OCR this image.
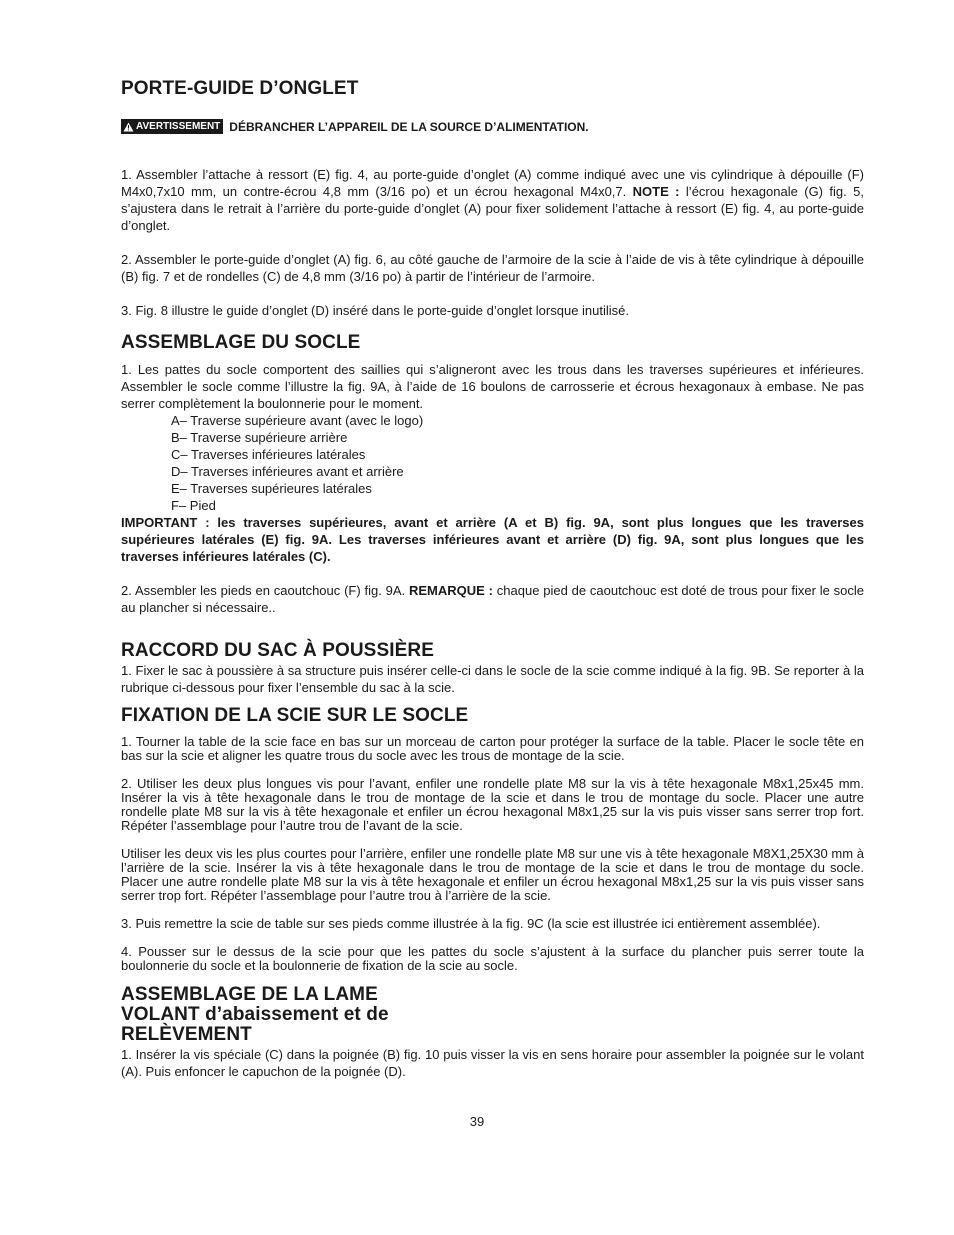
PORTE-GUIDE D’ONGLET
AVERTISSEMENT DÉBRANCHER L’APPAREIL DE LA SOURCE D’ALIMENTATION.

1. Assembler l’attache à ressort (E) fig. 4, au porte-guide d’onglet (A) comme indiqué avec une vis cylindrique à dépouille (F) M4x0,7x10 mm, un contre-écrou 4,8 mm (3/16 po) et un écrou hexagonal M4x0,7. NOTE : l’écrou hexagonale (G) fig. 5, s’ajustera dans le retrait à l’arrière du porte-guide d’onglet (A) pour fixer solidement l’attache à ressort (E) fig. 4, au porte-guide d’onglet.

2. Assembler le porte-guide d’onglet (A) fig. 6, au côté gauche de l’armoire de la scie à l’aide de vis à tête cylindrique à dépouille (B) fig. 7 et de rondelles (C) de 4,8 mm (3/16 po) à partir de l’intérieur de l’armoire.

3. Fig. 8 illustre le guide d’onglet (D) inséré dans le porte-guide d’onglet lorsque inutilisé.

ASSEMBLAGE DU SOCLE

1. Les pattes du socle comportent des saillies qui s’aligneront avec les trous dans les traverses supérieures et inférieures. Assembler le socle comme l’illustre la fig. 9A, à l’aide de 16 boulons de carrosserie et écrous hexagonaux à embase. Ne pas serrer complètement la boulonnerie pour le moment.

A– Traverse supérieure avant (avec le logo)
B– Traverse supérieure arrière
C– Traverses inférieures latérales
D– Traverses inférieures avant et arrière
E– Traverses supérieures latérales
F– Pied

IMPORTANT : les traverses supérieures, avant et arrière (A et B) fig. 9A, sont plus longues que les traverses supérieures latérales (E) fig. 9A. Les traverses inférieures avant et arrière (D) fig. 9A, sont plus longues que les traverses inférieures latérales (C).

2. Assembler les pieds en caoutchouc (F) fig. 9A. REMARQUE : chaque pied de caoutchouc est doté de trous pour fixer le socle au plancher si nécessaire..

RACCORD DU SAC À POUSSIÈRE

1. Fixer le sac à poussière à sa structure puis insérer celle-ci dans le socle de la scie comme indiqué à la fig. 9B. Se reporter à la rubrique ci-dessous pour fixer l’ensemble du sac à la scie.

FIXATION DE LA SCIE SUR LE SOCLE

1. Tourner la table de la scie face en bas sur un morceau de carton pour protéger la surface de la table. Placer le socle tête en bas sur la scie et aligner les quatre trous du socle avec les trous de montage de la scie.

2. Utiliser les deux plus longues vis pour l’avant, enfiler une rondelle plate M8 sur la vis à tête hexagonale M8x1,25x45 mm. Insérer la vis à tête hexagonale dans le trou de montage de la scie et dans le trou de montage du socle. Placer une autre rondelle plate M8 sur la vis à tête hexagonale et enfiler un écrou hexagonal M8x1,25 sur la vis puis visser sans serrer trop fort. Répéter l’assemblage pour l’autre trou de l’avant de la scie.

Utiliser les deux vis les plus courtes pour l’arrière, enfiler une rondelle plate M8 sur une vis à tête hexagonale M8X1,25X30 mm à l’arrière de la scie. Insérer la vis à tête hexagonale dans le trou de montage de la scie et dans le trou de montage du socle. Placer une autre rondelle plate M8 sur la vis à tête hexagonale et enfiler un écrou hexagonal M8x1,25 sur la vis puis visser sans serrer trop fort. Répéter l’assemblage pour l’autre trou à l’arrière de la scie.

3. Puis remettre la scie de table sur ses pieds comme illustrée à la fig. 9C (la scie est illustrée ici entièrement assemblée).

4. Pousser sur le dessus de la scie pour que les pattes du socle s’ajustent à la surface du plancher puis serrer toute la boulonnerie du socle et la boulonnerie de fixation de la scie au socle.

ASSEMBLAGE DE LA LAME
VOLANT d’abaissement et de
RELÈVEMENT

1. Insérer la vis spéciale (C) dans la poignée (B) fig. 10 puis visser la vis en sens horaire pour assembler la poignée sur le volant (A). Puis enfoncer le capuchon de la poignée (D).

39
